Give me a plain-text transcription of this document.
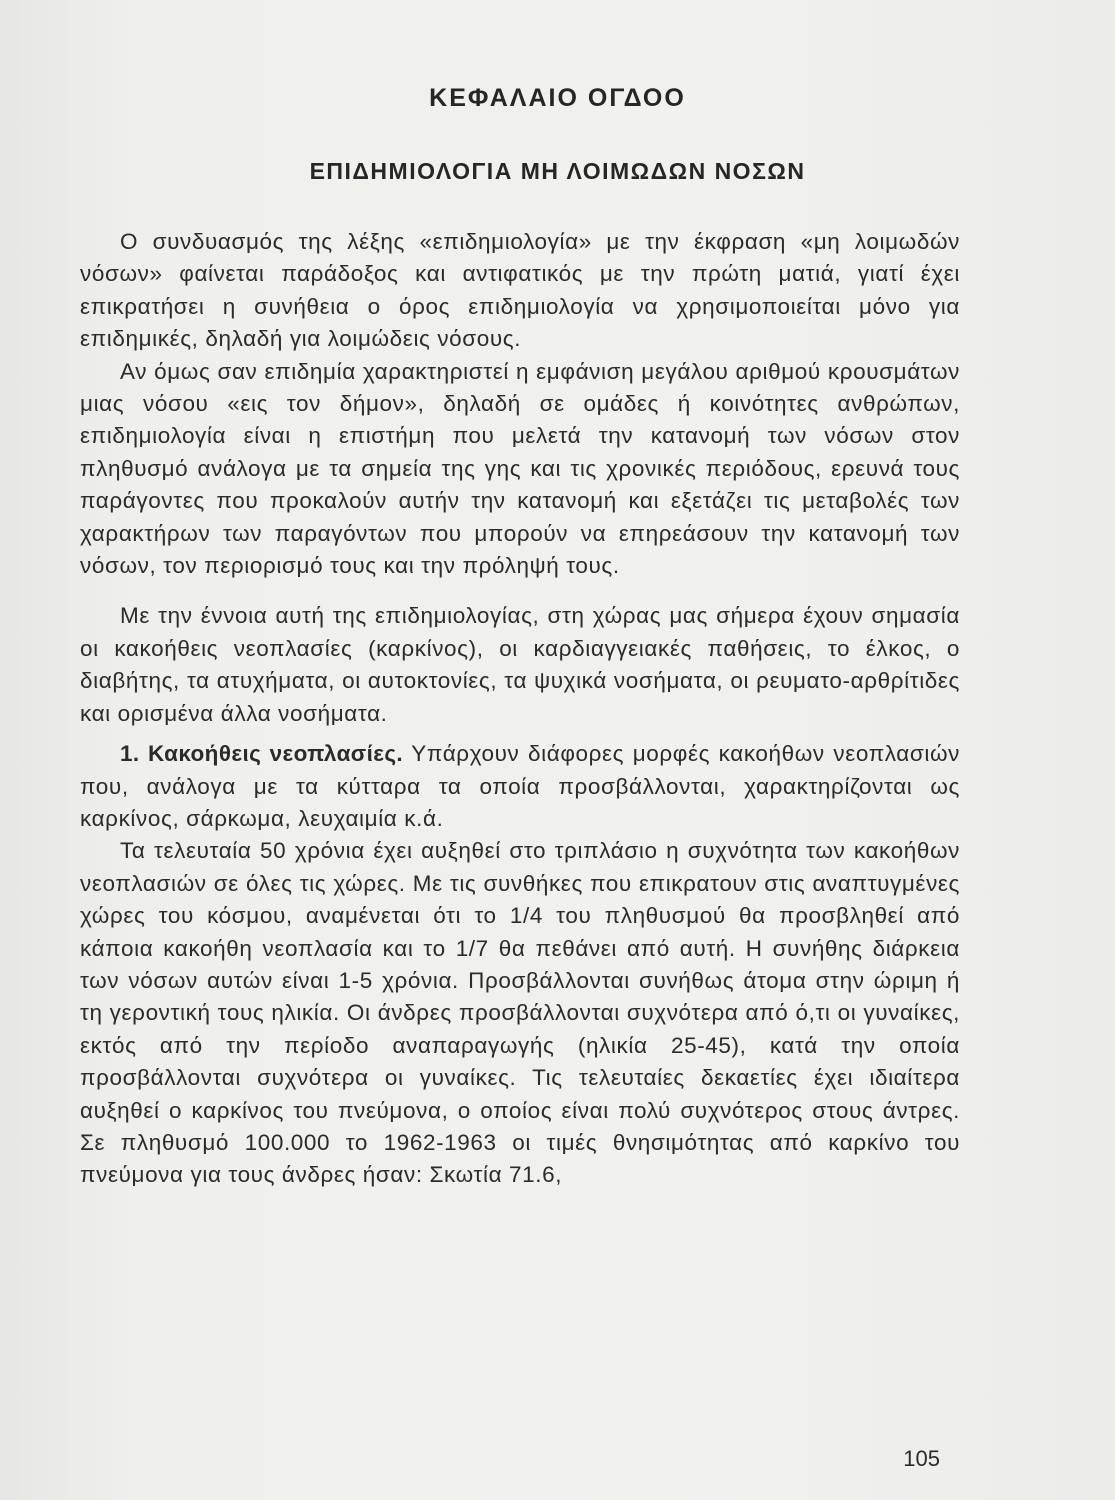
ΚΕΦΑΛΑΙΟ ΟΓΔΟΟ
ΕΠΙΔΗΜΙΟΛΟΓΙΑ ΜΗ ΛΟΙΜΩΔΩΝ ΝΟΣΩΝ

Ο συνδυασμός της λέξης «επιδημιολογία» με την έκφραση «μη λοιμωδών νόσων» φαίνεται παράδοξος και αντιφατικός με την πρώτη ματιά, γιατί έχει επικρατήσει η συνήθεια ο όρος επιδημιολογία να χρησιμοποιείται μόνο για επιδημικές, δηλαδή για λοιμώδεις νόσους.

Αν όμως σαν επιδημία χαρακτηριστεί η εμφάνιση μεγάλου αριθμού κρουσμάτων μιας νόσου «εις τον δήμον», δηλαδή σε ομάδες ή κοινότητες ανθρώπων, επιδημιολογία είναι η επιστήμη που μελετά την κατανομή των νόσων στον πληθυσμό ανάλογα με τα σημεία της γης και τις χρονικές περιόδους, ερευνά τους παράγοντες που προκαλούν αυτήν την κατανομή και εξετάζει τις μεταβολές των χαρακτήρων των παραγόντων που μπορούν να επηρεάσουν την κατανομή των νόσων, τον περιορισμό τους και την πρόληψή τους.

Με την έννοια αυτή της επιδημιολογίας, στη χώρας μας σήμερα έχουν σημασία οι κακοήθεις νεοπλασίες (καρκίνος), οι καρδιαγγειακές παθήσεις, το έλκος, ο διαβήτης, τα ατυχήματα, οι αυτοκτονίες, τα ψυχικά νοσήματα, οι ρευματο-αρθρίτιδες και ορισμένα άλλα νοσήματα.

1. Κακοήθεις νεοπλασίες. Υπάρχουν διάφορες μορφές κακοήθων νεοπλασιών που, ανάλογα με τα κύτταρα τα οποία προσβάλλονται, χαρακτηρίζονται ως καρκίνος, σάρκωμα, λευχαιμία κ.ά.

Τα τελευταία 50 χρόνια έχει αυξηθεί στο τριπλάσιο η συχνότητα των κακοήθων νεοπλασιών σε όλες τις χώρες. Με τις συνθήκες που επικρατουν στις αναπτυγμένες χώρες του κόσμου, αναμένεται ότι το 1/4 του πληθυσμού θα προσβληθεί από κάποια κακοήθη νεοπλασία και το 1/7 θα πεθάνει από αυτή. Η συνήθης διάρκεια των νόσων αυτών είναι 1-5 χρόνια. Προσβάλλονται συνήθως άτομα στην ώριμη ή τη γεροντική τους ηλικία. Οι άνδρες προσβάλλονται συχνότερα από ό,τι οι γυναίκες, εκτός από την περίοδο αναπαραγωγής (ηλικία 25-45), κατά την οποία προσβάλλονται συχνότερα οι γυναίκες. Τις τελευταίες δεκαετίες έχει ιδιαίτερα αυξηθεί ο καρκίνος του πνεύμονα, ο οποίος είναι πολύ συχνότερος στους άντρες. Σε πληθυσμό 100.000 το 1962-1963 οι τιμές θνησιμότητας από καρκίνο του πνεύμονα για τους άνδρες ήσαν: Σκωτία 71.6,

105
